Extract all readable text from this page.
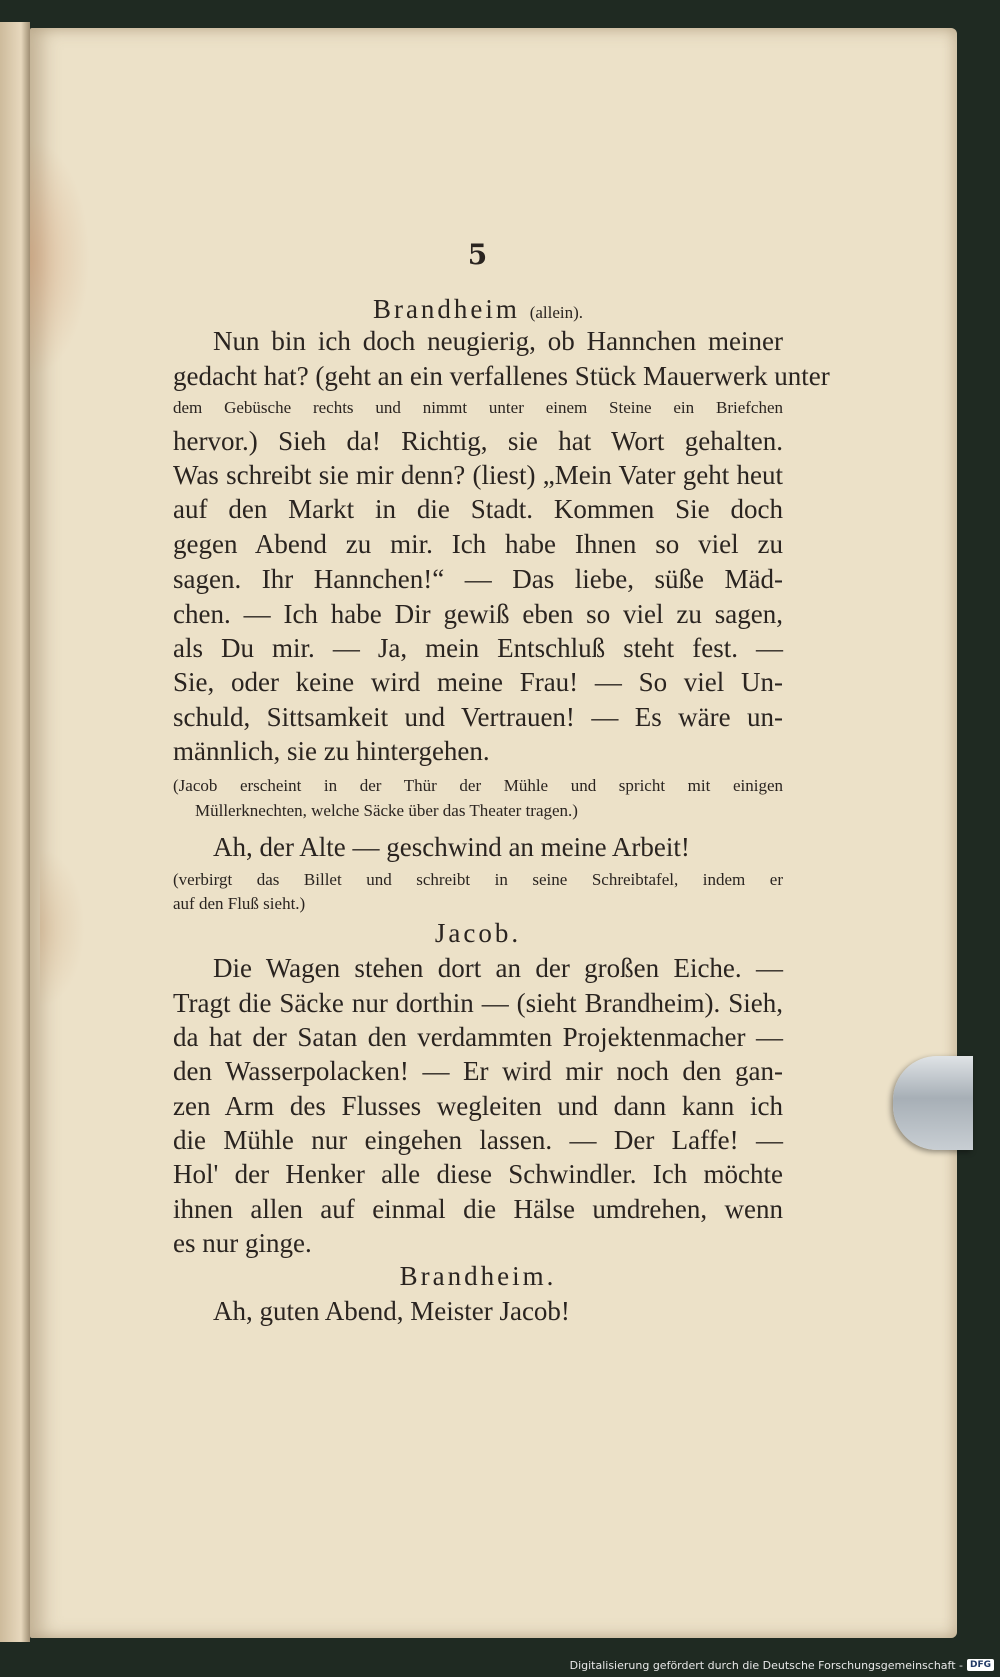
5
Brandheim (allein).
Nun bin ich doch neugierig, ob Hannchen meiner
gedacht hat? (geht an ein verfallenes Stück Mauerwerk unter
dem Gebüsche rechts und nimmt unter einem Steine ein Briefchen
hervor.) Sieh da! Richtig, sie hat Wort gehalten.
Was schreibt sie mir denn? (liest) „Mein Vater geht heut
auf den Markt in die Stadt. Kommen Sie doch
gegen Abend zu mir. Ich habe Ihnen so viel zu
sagen. Ihr Hannchen!“ — Das liebe, süße Mäd-
chen. — Ich habe Dir gewiß eben so viel zu sagen,
als Du mir. — Ja, mein Entschluß steht fest. —
Sie, oder keine wird meine Frau! — So viel Un-
schuld, Sittsamkeit und Vertrauen! — Es wäre un-
männlich, sie zu hintergehen.
(Jacob erscheint in der Thür der Mühle und spricht mit einigen
Müllerknechten, welche Säcke über das Theater tragen.)
Ah, der Alte — geschwind an meine Arbeit!
(verbirgt das Billet und schreibt in seine Schreibtafel, indem er
auf den Fluß sieht.)
Jacob.
Die Wagen stehen dort an der großen Eiche. —
Tragt die Säcke nur dorthin — (sieht Brandheim). Sieh,
da hat der Satan den verdammten Projektenmacher —
den Wasserpolacken! — Er wird mir noch den gan-
zen Arm des Flusses wegleiten und dann kann ich
die Mühle nur eingehen lassen. — Der Laffe! —
Hol' der Henker alle diese Schwindler. Ich möchte
ihnen allen auf einmal die Hälse umdrehen, wenn
es nur ginge.
Brandheim.
Ah, guten Abend, Meister Jacob!
Digitalisierung gefördert durch die Deutsche Forschungsgemeinschaft - DFG
